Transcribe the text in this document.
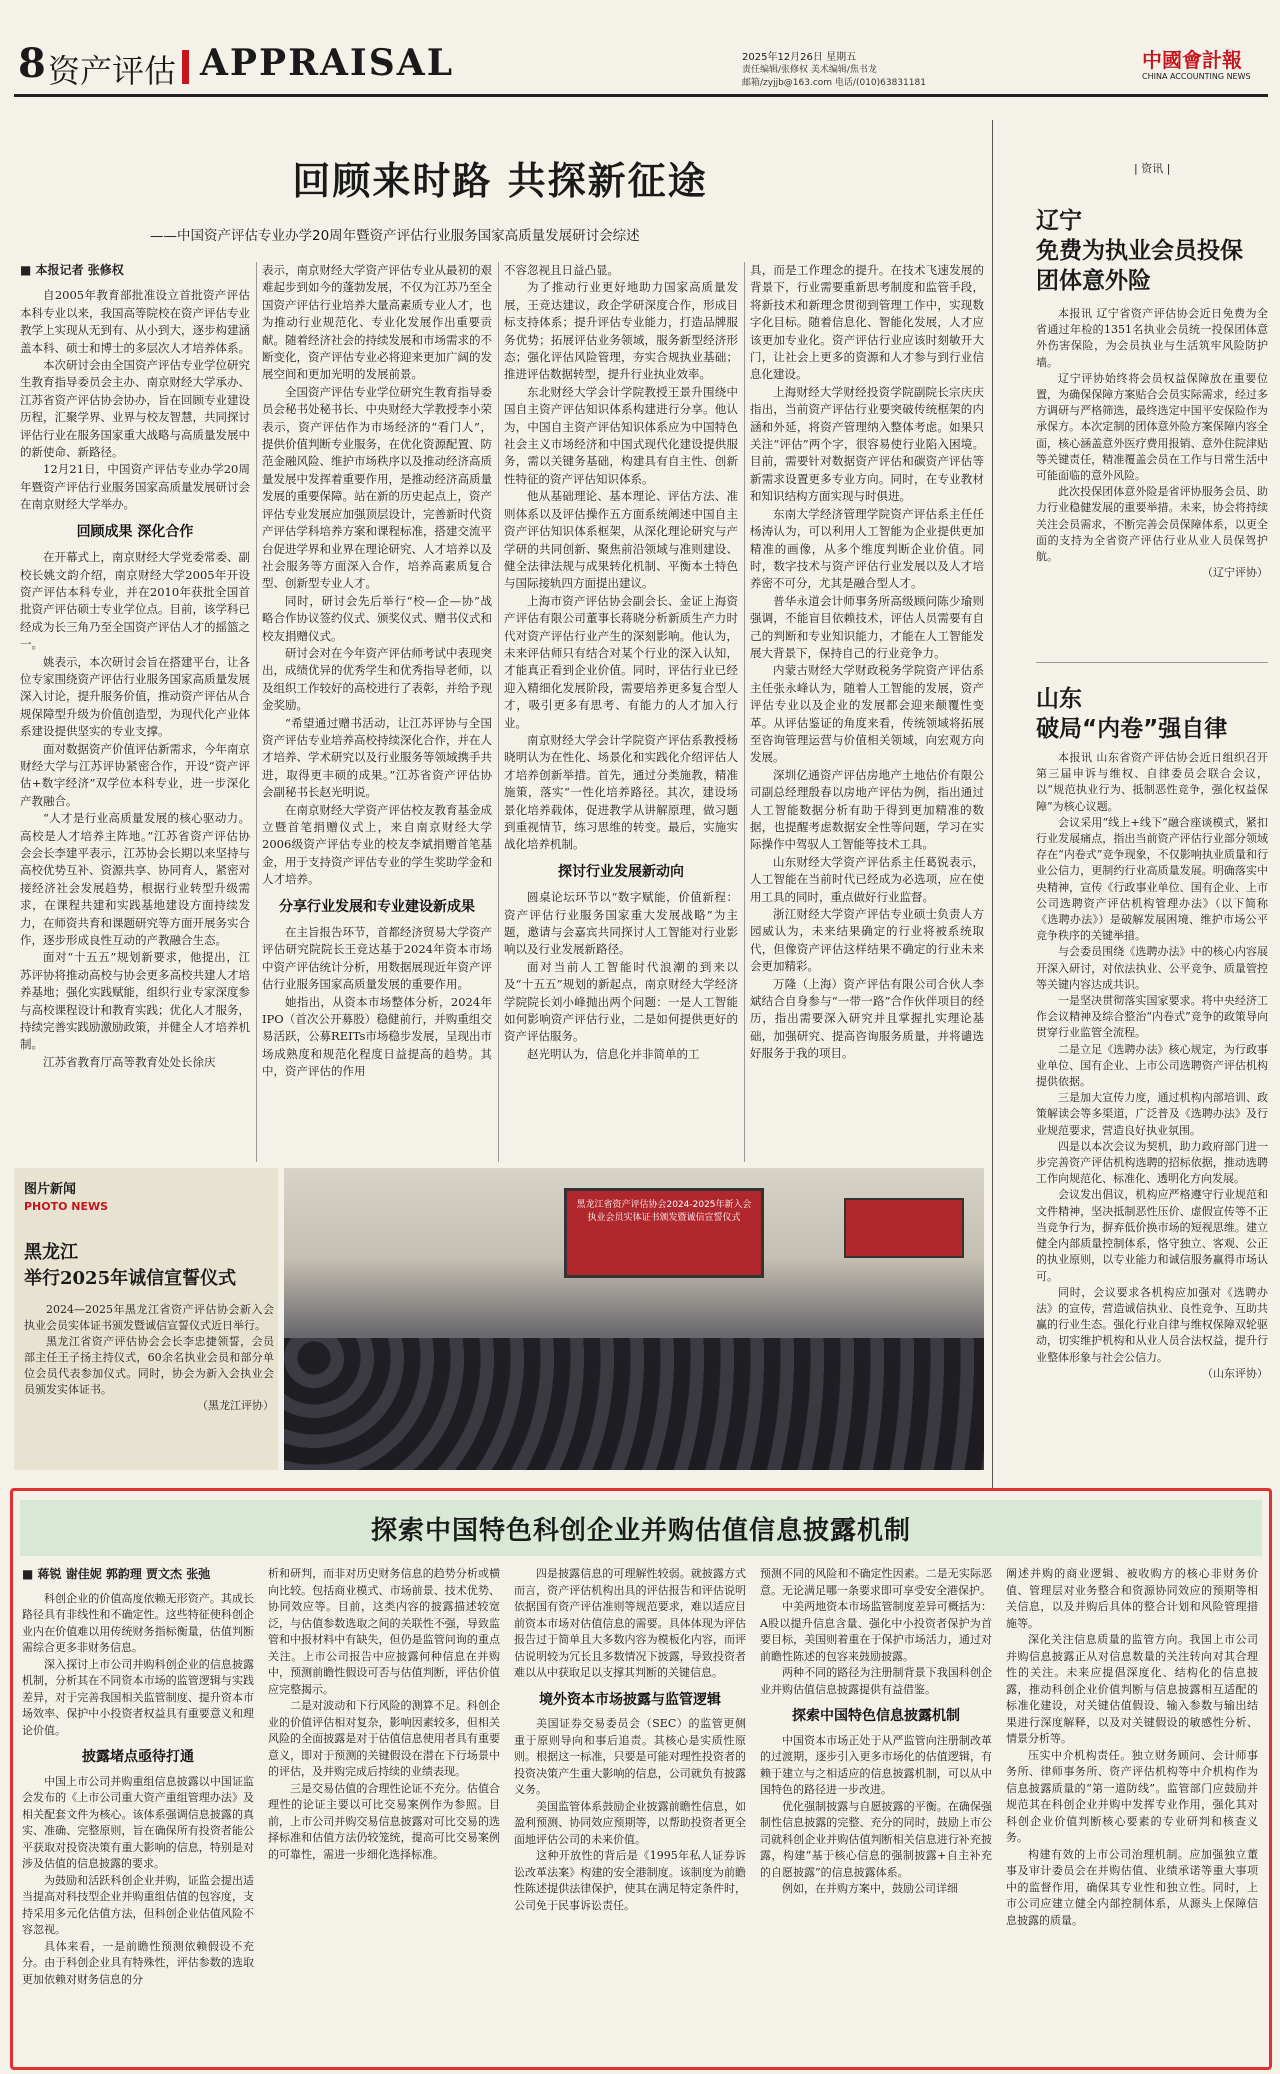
8 资产评估 APPRAISAL	2025年12月26日 星期五
责任编辑/张修权 美术编辑/焦书龙
邮箱/zyjjb@163.com 电话/(010)63831181
中國會計報
CHINA ACCOUNTING NEWS
回顾来时路 共探新征途
——中国资产评估专业办学20周年暨资产评估行业服务国家高质量发展研讨会综述
■ 本报记者 张修权

自2005年教育部批准设立首批资产评估本科专业以来，我国高等院校在资产评估专业教学上实现从无到有、从小到大，逐步构建涵盖本科、硕士和博士的多层次人才培养体系。

本次研讨会由全国资产评估专业学位研究生教育指导委员会主办、南京财经大学承办、江苏省资产评估协会协办，旨在回顾专业建设历程，汇聚学界、业界与校友智慧，共同探讨评估行业在服务国家重大战略与高质量发展中的新使命、新路径。

12月21日，中国资产评估专业办学20周年暨资产评估行业服务国家高质量发展研讨会在南京财经大学举办。

回顾成果 深化合作

在开幕式上，南京财经大学党委常委、副校长姚文韵介绍，南京财经大学2005年开设资产评估本科专业，并在2010年获批全国首批资产评估硕士专业学位点。目前，该学科已经成为长三角乃至全国资产评估人才的摇篮之一。

姚表示，本次研讨会旨在搭建平台，让各位专家围绕资产评估行业服务国家高质量发展深入讨论，提升服务价值，推动资产评估从合规保障型升级为价值创造型，为现代化产业体系建设提供坚实的专业支撑。

面对数据资产价值评估新需求，今年南京财经大学与江苏评协紧密合作，开设“资产评估+数字经济”双学位本科专业，进一步深化产教融合。

“人才是行业高质量发展的核心驱动力。高校是人才培养主阵地。”江苏省资产评估协会会长李建平表示，江苏协会长期以来坚持与高校优势互补、资源共享、协同育人，紧密对接经济社会发展趋势，根据行业转型升级需求，在课程共建和实践基地建设方面持续发力，在师资共育和课题研究等方面开展务实合作，逐步形成良性互动的产教融合生态。

面对“十五五”规划新要求，他提出，江苏评协将推动高校与协会更多高校共建人才培养基地；强化实践赋能，组织行业专家深度参与高校课程设计和教育实践；优化人才服务，持续完善实践励激励政策，并健全人才培养机制。

江苏省教育厅高等教育处处长徐庆

表示，南京财经大学资产评估专业从最初的艰难起步到如今的蓬勃发展，不仅为江苏乃至全国资产评估行业培养大量高素质专业人才，也为推动行业规范化、专业化发展作出重要贡献。随着经济社会的持续发展和市场需求的不断变化，资产评估专业必将迎来更加广阔的发展空间和更加光明的发展前景。

全国资产评估专业学位研究生教育指导委员会秘书处秘书长、中央财经大学教授李小荣表示，资产评估作为市场经济的“看门人”，提供价值判断专业服务，在优化资源配置、防范金融风险、维护市场秩序以及推动经济高质量发展中发挥着重要作用，是推动经济高质量发展的重要保障。站在新的历史起点上，资产评估专业发展应加强顶层设计，完善新时代资产评估学科培养方案和课程标准，搭建交流平台促进学界和业界在理论研究、人才培养以及社会服务等方面深入合作，培养高素质复合型、创新型专业人才。

同时，研讨会先后举行“校—企—协”战略合作协议签约仪式、颁奖仪式、赠书仪式和校友捐赠仪式。

研讨会对在今年资产评估师考试中表现突出，成绩优异的优秀学生和优秀指导老师，以及组织工作较好的高校进行了表彰，并给予现金奖励。

“希望通过赠书活动，让江苏评协与全国资产评估专业培养高校持续深化合作，并在人才培养、学术研究以及行业服务等领域携手共进，取得更丰硕的成果。”江苏省资产评估协会副秘书长赵光明说。

在南京财经大学资产评估校友教育基金成立暨首笔捐赠仪式上，来自南京财经大学2006级资产评估专业的校友李斌捐赠首笔基金，用于支持资产评估专业的学生奖助学金和人才培养。

分享行业发展和专业建设新成果

在主旨报告环节，首都经济贸易大学资产评估研究院院长王竞达基于2024年资本市场中资产评估统计分析，用数据展现近年资产评估行业服务国家高质量发展的重要作用。

她指出，从资本市场整体分析，2024年IPO（首次公开募股）稳健前行，并购重组交易活跃，公募REITs市场稳步发展，呈现出市场成熟度和规范化程度日益提高的趋势。其中，资产评估的作用

不容忽视且日益凸显。

为了推动行业更好地助力国家高质量发展，王竞达建议，政企学研深度合作，形成目标支持体系；提升评估专业能力，打造品牌服务优势；拓展评估业务领域，服务新型经济形态；强化评估风险管理，夯实合规执业基础；推进评估数据转型，提升行业执业效率。

东北财经大学会计学院教授王景升围绕中国自主资产评估知识体系构建进行分享。他认为，中国自主资产评估知识体系应为中国特色社会主义市场经济和中国式现代化建设提供服务，需以关键务基础，构建具有自主性、创新性特征的资产评估知识体系。

他从基础理论、基本理论、评估方法、准则体系以及评估操作五方面系统阐述中国自主资产评估知识体系框架，从深化理论研究与产学研的共同创新、聚焦前沿领域与准则建设、健全法律法规与成果转化机制、平衡本土特色与国际接轨四方面提出建议。

上海市资产评估协会副会长、金证上海资产评估有限公司董事长蒋晓分析新质生产力时代对资产评估行业产生的深刻影响。他认为，未来评估师只有结合对某个行业的深入认知，才能真正看到企业价值。同时，评估行业已经迎入精细化发展阶段，需要培养更多复合型人才，吸引更多有思考、有能力的人才加入行业。

南京财经大学会计学院资产评估系教授杨晓明认为在性化、场景化和实践化介绍评估人才培养创新举措。首先，通过分类施教，精准施策，落实“一性化培养路径。其次，建设场景化培养载体，促进教学从讲解原理，做习题到重视情节，练习思维的转变。最后，实施实战化培养机制。

探讨行业发展新动向

圆桌论坛环节以“数字赋能，价值新程：资产评估行业服务国家重大发展战略”为主题，邀请与会嘉宾共同探讨人工智能对行业影响以及行业发展新路径。

面对当前人工智能时代浪潮的到来以及“十五五”规划的新起点，南京财经大学经济学院院长刘小峰抛出两个问题：一是人工智能如何影响资产评估行业，二是如何提供更好的资产评估服务。

赵光明认为，信息化并非简单的工

具，而是工作理念的提升。在技术飞速发展的背景下，行业需要重新思考制度和监管手段，将新技术和新理念贯彻到管理工作中，实现数字化目标。随着信息化、智能化发展，人才应该更加专业化。资产评估行业应该时刻敏开大门，让社会上更多的资源和人才参与到行业信息化建设。

上海财经大学财经投资学院副院长宗庆庆指出，当前资产评估行业要突破传统框架的内涵和外延，将资产管理纳入整体考虑。如果只关注“评估”两个字，很容易使行业陷入困境。目前，需要针对数据资产评估和碳资产评估等新需求设置更多专业方向。同时，在专业教材和知识结构方面实现与时俱进。

东南大学经济管理学院资产评估系主任任杨涛认为，可以利用人工智能为企业提供更加精准的画像，从多个维度判断企业价值。同时，数字技术与资产评估行业发展以及人才培养密不可分，尤其是融合型人才。

普华永道会计师事务所高级顾问陈少瑜则强调，不能盲目依赖技术，评估人员需要有自己的判断和专业知识能力，才能在人工智能发展大背景下，保持自己的行业竞争力。

内蒙古财经大学财政税务学院资产评估系主任张永峰认为，随着人工智能的发展，资产评估专业以及企业的发展都会迎来颠覆性变革。从评估鉴证的角度来看，传统领域将拓展至咨询管理运营与价值相关领域，向宏观方向发展。

深圳亿通资产评估房地产土地估价有限公司副总经理殷春以房地产评估为例，指出通过人工智能数据分析有助于得到更加精准的数据，也提醒考虑数据安全性等问题，学习在实际操作中驾驭人工智能等技术工具。

山东财经大学资产评估系主任葛锐表示，人工智能在当前时代已经成为必选项，应在使用工具的同时，重点做好行业监督。

浙江财经大学资产评估专业硕士负责人方园威认为，未来结果确定的行业将被系统取代，但像资产评估这样结果不确定的行业未来会更加精彩。

万隆（上海）资产评估有限公司合伙人李斌结合自身参与“一带一路”合作伙伴项目的经历，指出需要深入研究并且掌握扎实理论基础，加强研究、提高咨询服务质量，并将谴选好服务于我的项目。

图片新闻
PHOTO NEWS
黑龙江
举行2025年诚信宣誓仪式

2024—2025年黑龙江省资产评估协会新入会执业会员实体证书颁发暨诚信宣誓仪式近日举行。

黑龙江省资产评估协会会长李忠捷领誓，会员部主任王子扬主持仪式，60余名执业会员和部分单位会员代表参加仪式。同时，协会为新入会执业会员颁发实体证书。

（黑龙江评协）
黑龙江省资产评估协会2024-2025年新入会执业会员实体证书颁发暨诚信宣誓仪式
| 资讯 |
辽宁
免费为执业会员投保
团体意外险

本报讯 辽宁省资产评估协会近日免费为全省通过年检的1351名执业会员统一投保团体意外伤害保险，为会员执业与生活筑牢风险防护墙。

辽宁评协始终将会员权益保障放在重要位置，为确保保障方案贴合会员实际需求，经过多方调研与严格筛选，最终选定中国平安保险作为承保方。本次定制的团体意外险方案保障内容全面，核心涵盖意外医疗费用报销、意外住院津贴等关键责任，精准覆盖会员在工作与日常生活中可能面临的意外风险。

此次投保团体意外险是省评协服务会员、助力行业稳健发展的重要举措。未来，协会将持续关注会员需求，不断完善会员保障体系，以更全面的支持为全省资产评估行业从业人员保驾护航。

（辽宁评协）
山东
破局“内卷”强自律

本报讯 山东省资产评估协会近日组织召开第三届申诉与维权、自律委员会联合会议，以“规范执业行为、抵制恶性竞争，强化权益保障”为核心议题。

会议采用“线上+线下”融合座谈模式，紧扣行业发展痛点，指出当前资产评估行业部分领域存在“内卷式”竞争现象，不仅影响执业质量和行业公信力，更制约行业高质量发展。明确落实中央精神，宣传《行政事业单位、国有企业、上市公司选聘资产评估机构管理办法》（以下简称《选聘办法》）是破解发展困境、维护市场公平竞争秩序的关键举措。

与会委员围绕《选聘办法》中的核心内容展开深入研讨，对依法执业、公平竞争、质量管控等关键内容达成共识。

一是坚决贯彻落实国家要求。将中央经济工作会议精神及综合整治“内卷式”竞争的政策导向贯穿行业监管全流程。

二是立足《选聘办法》核心规定，为行政事业单位、国有企业、上市公司选聘资产评估机构提供依据。

三是加大宣传力度，通过机构内部培训、政策解读会等多渠道，广泛普及《选聘办法》及行业规范要求，营造良好执业氛围。

四是以本次会议为契机，助力政府部门进一步完善资产评估机构选聘的招标依据，推动选聘工作向规范化、标准化、透明化方向发展。

会议发出倡议，机构应严格遵守行业规范和文件精神，坚决抵制恶性压价、虚假宣传等不正当竞争行为，摒弃低价换市场的短视思维。建立健全内部质量控制体系，恪守独立、客观、公正的执业原则，以专业能力和诚信服务赢得市场认可。

同时，会议要求各机构应加强对《选聘办法》的宣传，营造诚信执业、良性竞争、互助共赢的行业生态。强化行业自律与维权保障双轮驱动，切实维护机构和从业人员合法权益，提升行业整体形象与社会公信力。

（山东评协）
探索中国特色科创企业并购估值信息披露机制
■ 蒋锐 谢佳妮 郭韵理 贾文杰 张弛

科创企业的价值高度依赖无形资产。其成长路径具有非线性和不确定性。这些特征使科创企业内在价值难以用传统财务指标衡量，估值判断需综合更多非财务信息。

深入探讨上市公司并购科创企业的信息披露机制，分析其在不同资本市场的监管逻辑与实践差异，对于完善我国相关监管制度、提升资本市场效率、保护中小投资者权益具有重要意义和理论价值。

披露堵点亟待打通

中国上市公司并购重组信息披露以中国证监会发布的《上市公司重大资产重组管理办法》及相关配套文件为核心。该体系强调信息披露的真实、准确、完整原则，旨在确保所有投资者能公平获取对投资决策有重大影响的信息，特别是对涉及估值的信息披露的要求。

为鼓励和活跃科创企业并购，证监会提出适当提高对科技型企业并购重组估值的包容度，支持采用多元化估值方法，但科创企业估值风险不容忽视。

具体来看，一是前瞻性预测依赖假设不充分。由于科创企业具有特殊性，评估参数的选取更加依赖对财务信息的分

析和研判，而非对历史财务信息的趋势分析或横向比较。包括商业模式、市场前景、技术优势、协同效应等。目前，这类内容的披露描述较宽泛，与估值参数选取之间的关联性不强，导致监管和中报材料中有缺失，但仍是监管问询的重点关注。上市公司报告中应披露何种信息在并购中，预测前瞻性假设可否与估值判断，评估价值应完整揭示。

二是对波动和下行风险的测算不足。科创企业的价值评估相对复杂，影响因素较多，但相关风险的全面披露是对于估值信息使用者具有重要意义，即对于预测的关键假设在潜在下行场景中的评估，及并购完成后持续的业绩表现。

三是交易估值的合理性论证不充分。估值合理性的论证主要以可比交易案例作为参照。目前，上市公司并购交易信息披露对可比交易的选择标准和估值方法仍较笼统，提高可比交易案例的可靠性，需进一步细化选择标准。

四是披露信息的可理解性较弱。就披露方式而言，资产评估机构出具的评估报告和评估说明依据国有资产评估准则等规范要求，难以适应目前资本市场对估值信息的需要。具体体现为评估报告过于简单且大多数内容为模板化内容，而评估说明较为冗长且多数情况下披露，导致投资者难以从中获取足以支撑其判断的关键信息。

境外资本市场披露与监管逻辑

美国证券交易委员会（SEC）的监管更侧重于原则导向和事后追责。其核心是实质性原则。根据这一标准，只要是可能对理性投资者的投资决策产生重大影响的信息，公司就负有披露义务。

美国监管体系鼓励企业披露前瞻性信息，如盈利预测、协同效应预期等，以帮助投资者更全面地评估公司的未来价值。

这种开放性的背后是《1995年私人证券诉讼改革法案》构建的安全港制度。该制度为前瞻性陈述提供法律保护，使其在满足特定条件时，公司免于民事诉讼责任。

预测不同的风险和不确定性因素。二是无实际恶意。无论满足哪一条要求即可享受安全港保护。

中美两地资本市场监管制度差异可概括为：A股以提升信息含量、强化中小投资者保护为首要目标，美国则着重在于保护市场活力，通过对前瞻性陈述的包容来鼓励披露。

两种不同的路径为注册制背景下我国科创企业并购估值信息披露提供有益借鉴。

探索中国特色信息披露机制

中国资本市场正处于从严监管向注册制改革的过渡期，逐步引入更多市场化的估值逻辑，有赖于建立与之相适应的信息披露机制，可以从中国特色的路径进一步改进。

优化强制披露与自愿披露的平衡。在确保强制性信息披露的完整、充分的同时，鼓励上市公司就科创企业并购估值判断相关信息进行补充披露，构建“基于核心信息的强制披露+自主补充的自愿披露”的信息披露体系。

例如，在并购方案中，鼓励公司详细

阐述并购的商业逻辑、被收购方的核心非财务价值、管理层对业务整合和资源协同效应的预期等相关信息，以及并购后具体的整合计划和风险管理措施等。

深化关注信息质量的监管方向。我国上市公司并购信息披露正从对信息数量的关注转向对其合理性的关注。未来应提倡深度化、结构化的信息披露，推动科创企业价值判断与信息披露相互适配的标准化建设，对关键估值假设、输入参数与输出结果进行深度解释，以及对关键假设的敏感性分析、情景分析等。

压实中介机构责任。独立财务顾问、会计师事务所、律师事务所、资产评估机构等中介机构作为信息披露质量的“第一道防线”。监管部门应鼓励并规范其在科创企业并购中发挥专业作用，强化其对科创企业价值判断核心要素的专业研判和核查义务。

构建有效的上市公司治理机制。应加强独立董事及审计委员会在并购估值、业绩承诺等重大事项中的监督作用，确保其专业性和独立性。同时，上市公司应建立健全内部控制体系，从源头上保障信息披露的质量。
